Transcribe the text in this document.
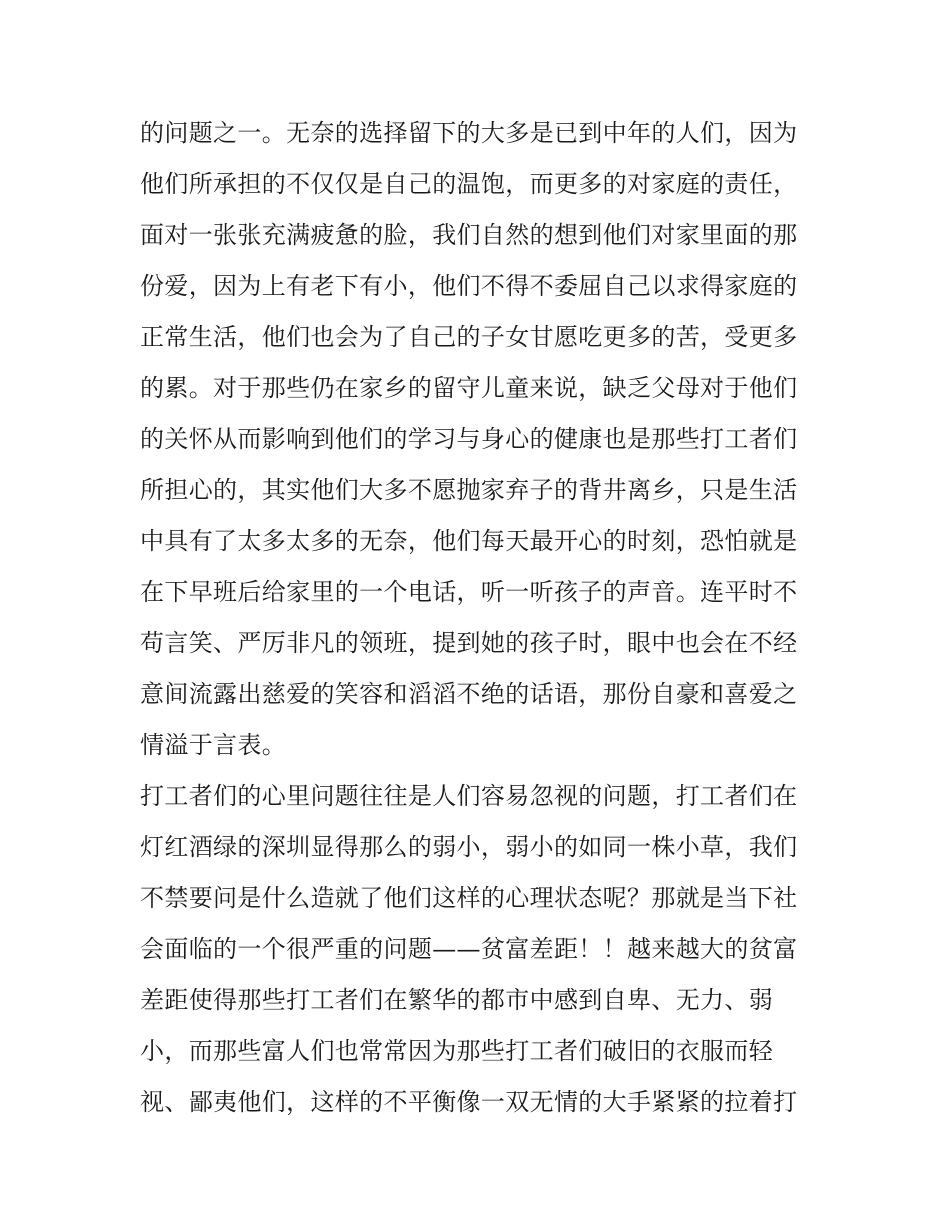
的问题之一。无奈的选择留下的大多是已到中年的人们，因为
他们所承担的不仅仅是自己的温饱，而更多的对家庭的责任，
面对一张张充满疲惫的脸，我们自然的想到他们对家里面的那
份爱，因为上有老下有小，他们不得不委屈自己以求得家庭的
正常生活，他们也会为了自己的子女甘愿吃更多的苦，受更多
的累。对于那些仍在家乡的留守儿童来说，缺乏父母对于他们
的关怀从而影响到他们的学习与身心的健康也是那些打工者们
所担心的，其实他们大多不愿抛家弃子的背井离乡，只是生活
中具有了太多太多的无奈，他们每天最开心的时刻，恐怕就是
在下早班后给家里的一个电话，听一听孩子的声音。连平时不
苟言笑、严厉非凡的领班，提到她的孩子时，眼中也会在不经
意间流露出慈爱的笑容和滔滔不绝的话语，那份自豪和喜爱之
情溢于言表。
打工者们的心里问题往往是人们容易忽视的问题，打工者们在
灯红酒绿的深圳显得那么的弱小，弱小的如同一株小草，我们
不禁要问是什么造就了他们这样的心理状态呢？那就是当下社
会面临的一个很严重的问题——贫富差距！！越来越大的贫富
差距使得那些打工者们在繁华的都市中感到自卑、无力、弱
小，而那些富人们也常常因为那些打工者们破旧的衣服而轻
视、鄙夷他们，这样的不平衡像一双无情的大手紧紧的拉着打
